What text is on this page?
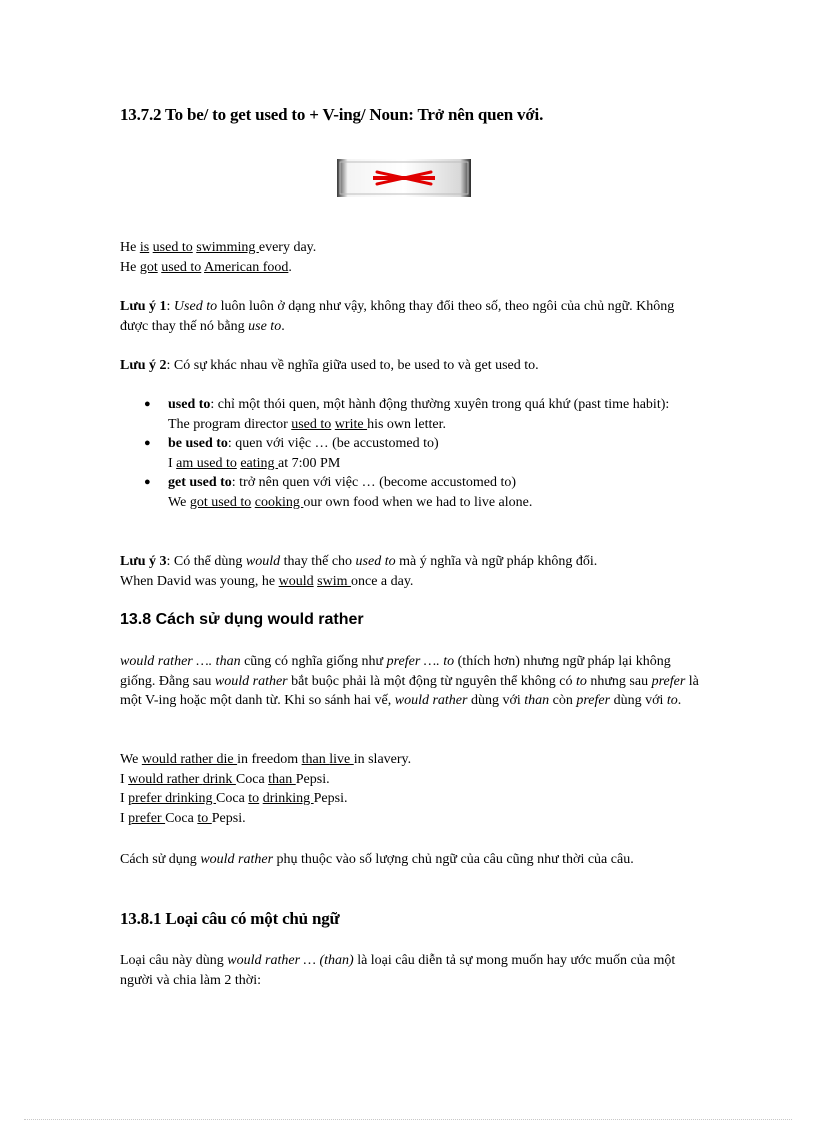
13.7.2 To be/ to get used to + V-ing/ Noun: Trở nên quen với.

He is used to swimming every day.

He got used to American food.

Lưu ý 1: Used to luôn luôn ở dạng như vậy, không thay đổi theo số, theo ngôi của chủ ngữ. Không được thay thế nó bằng use to.

Lưu ý 2: Có sự khác nhau về nghĩa giữa used to, be used to và get used to.

● used to: chỉ một thói quen, một hành động thường xuyên trong quá khứ (past time habit):
The program director used to write his own letter.
● be used to: quen với việc … (be accustomed to)
I am used to eating at 7:00 PM
● get used to: trở nên quen với việc … (become accustomed to)
We got used to cooking our own food when we had to live alone.

Lưu ý 3: Có thể dùng would thay thế cho used to mà ý nghĩa và ngữ pháp không đổi.

When David was young, he would swim once a day.

13.8 Cách sử dụng would rather

would rather …. than cũng có nghĩa giống như prefer …. to (thích hơn) nhưng ngữ pháp lại không giống. Đằng sau would rather bắt buộc phải là một động từ nguyên thể không có to nhưng sau prefer là một V-ing hoặc một danh từ. Khi so sánh hai vế, would rather dùng với than còn prefer dùng với to.

We would rather die in freedom than live in slavery.

I would rather drink Coca than Pepsi.

I prefer drinking Coca to drinking Pepsi.

I prefer Coca to Pepsi.

Cách sử dụng would rather phụ thuộc vào số lượng chủ ngữ của câu cũng như thời của câu.

13.8.1 Loại câu có một chủ ngữ

Loại câu này dùng would rather … (than) là loại câu diễn tả sự mong muốn hay ước muốn của một người và chia làm 2 thời:
